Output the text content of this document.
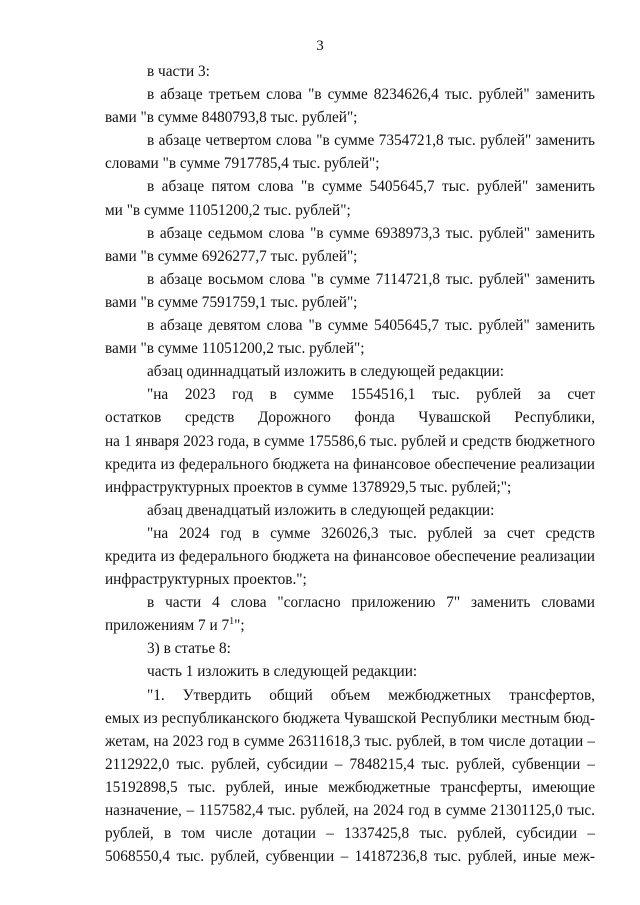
3
в части 3:
в абзаце третьем слова "в сумме 8234626,4 тыс. рублей" заменить
вами "в сумме 8480793,8 тыс. рублей";
в абзаце четвертом слова "в сумме 7354721,8 тыс. рублей" заменить
словами "в сумме 7917785,4 тыс. рублей";
в абзаце пятом слова "в сумме 5405645,7 тыс. рублей" заменить
ми "в сумме 11051200,2 тыс. рублей";
в абзаце седьмом слова "в сумме 6938973,3 тыс. рублей" заменить
вами "в сумме 6926277,7 тыс. рублей";
в абзаце восьмом слова "в сумме 7114721,8 тыс. рублей" заменить
вами "в сумме 7591759,1 тыс. рублей";
в абзаце девятом слова "в сумме 5405645,7 тыс. рублей" заменить
вами "в сумме 11051200,2 тыс. рублей";
абзац одиннадцатый изложить в следующей редакции:
"на 2023 год в сумме 1554516,1 тыс. рублей за счет
остатков средств Дорожного фонда Чувашской Республики,
на 1 января 2023 года, в сумме 175586,6 тыс. рублей и средств бюджетного
кредита из федерального бюджета на финансовое обеспечение реализации
инфраструктурных проектов в сумме 1378929,5 тыс. рублей;";
абзац двенадцатый изложить в следующей редакции:
"на 2024 год в сумме 326026,3 тыс. рублей за счет средств
кредита из федерального бюджета на финансовое обеспечение реализации
инфраструктурных проектов.";
в части 4 слова "согласно приложению 7" заменить словами
приложениям 7 и $7^1$";
3) в статье 8:
часть 1 изложить в следующей редакции:
"1. Утвердить общий объем межбюджетных трансфертов,
емых из республиканского бюджета Чувашской Республики местным бюд-
жетам, на 2023 год в сумме 26311618,3 тыс. рублей, в том числе дотации –
2112922,0 тыс. рублей, субсидии – 7848215,4 тыс. рублей, субвенции –
15192898,5 тыс. рублей, иные межбюджетные трансферты, имеющие
назначение, – 1157582,4 тыс. рублей, на 2024 год в сумме 21301125,0 тыс.
рублей, в том числе дотации – 1337425,8 тыс. рублей, субсидии –
5068550,4 тыс. рублей, субвенции – 14187236,8 тыс. рублей, иные меж-
